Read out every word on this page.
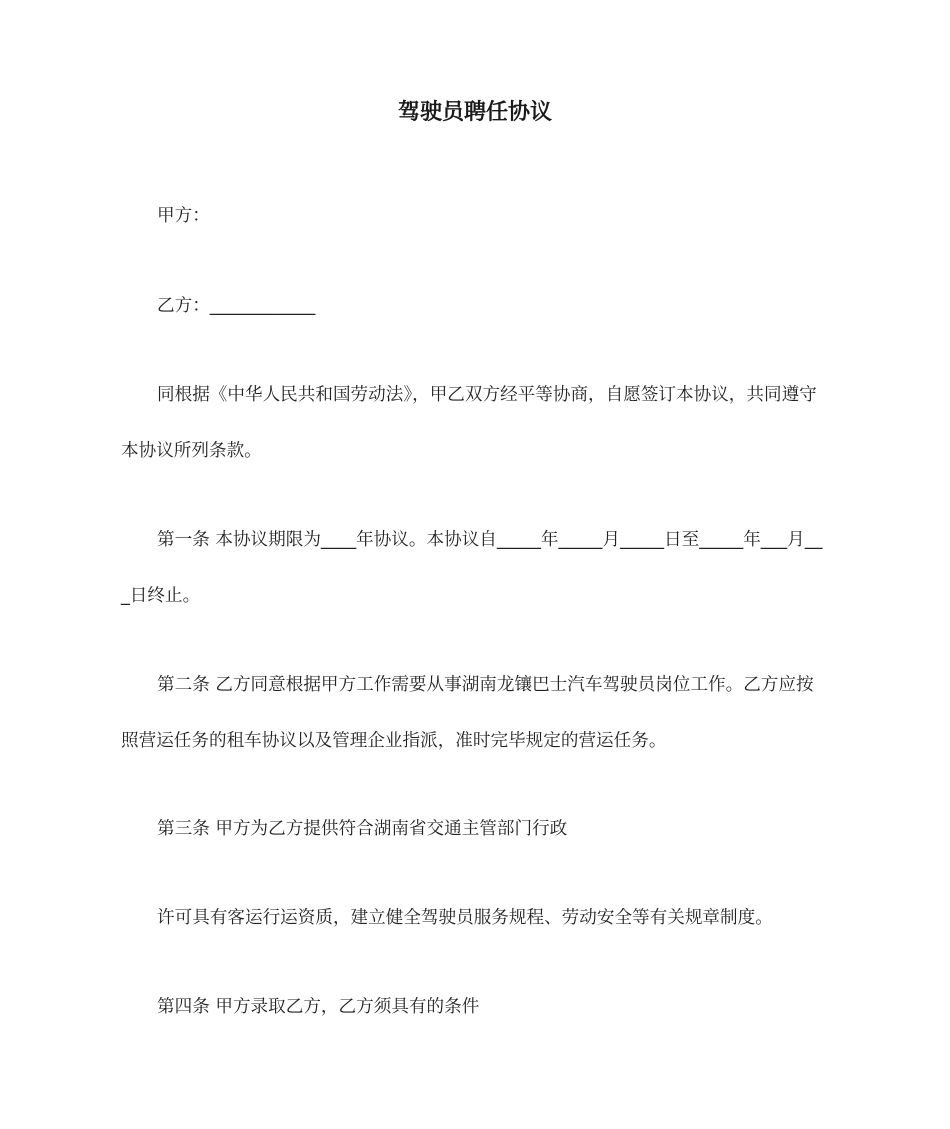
驾驶员聘任协议
甲方：
乙方：____________
同根据《中华人民共和国劳动法》，甲乙双方经平等协商，自愿签订本协议，共同遵守本协议所列条款。
第一条 本协议期限为____年协议。本协议自_____年_____月_____日至_____年___月___日终止。
第二条 乙方同意根据甲方工作需要从事湖南龙镶巴士汽车驾驶员岗位工作。乙方应按照营运任务的租车协议以及管理企业指派，准时完毕规定的营运任务。
第三条 甲方为乙方提供符合湖南省交通主管部门行政
许可具有客运行运资质，建立健全驾驶员服务规程、劳动安全等有关规章制度。
第四条 甲方录取乙方，乙方须具有的条件
